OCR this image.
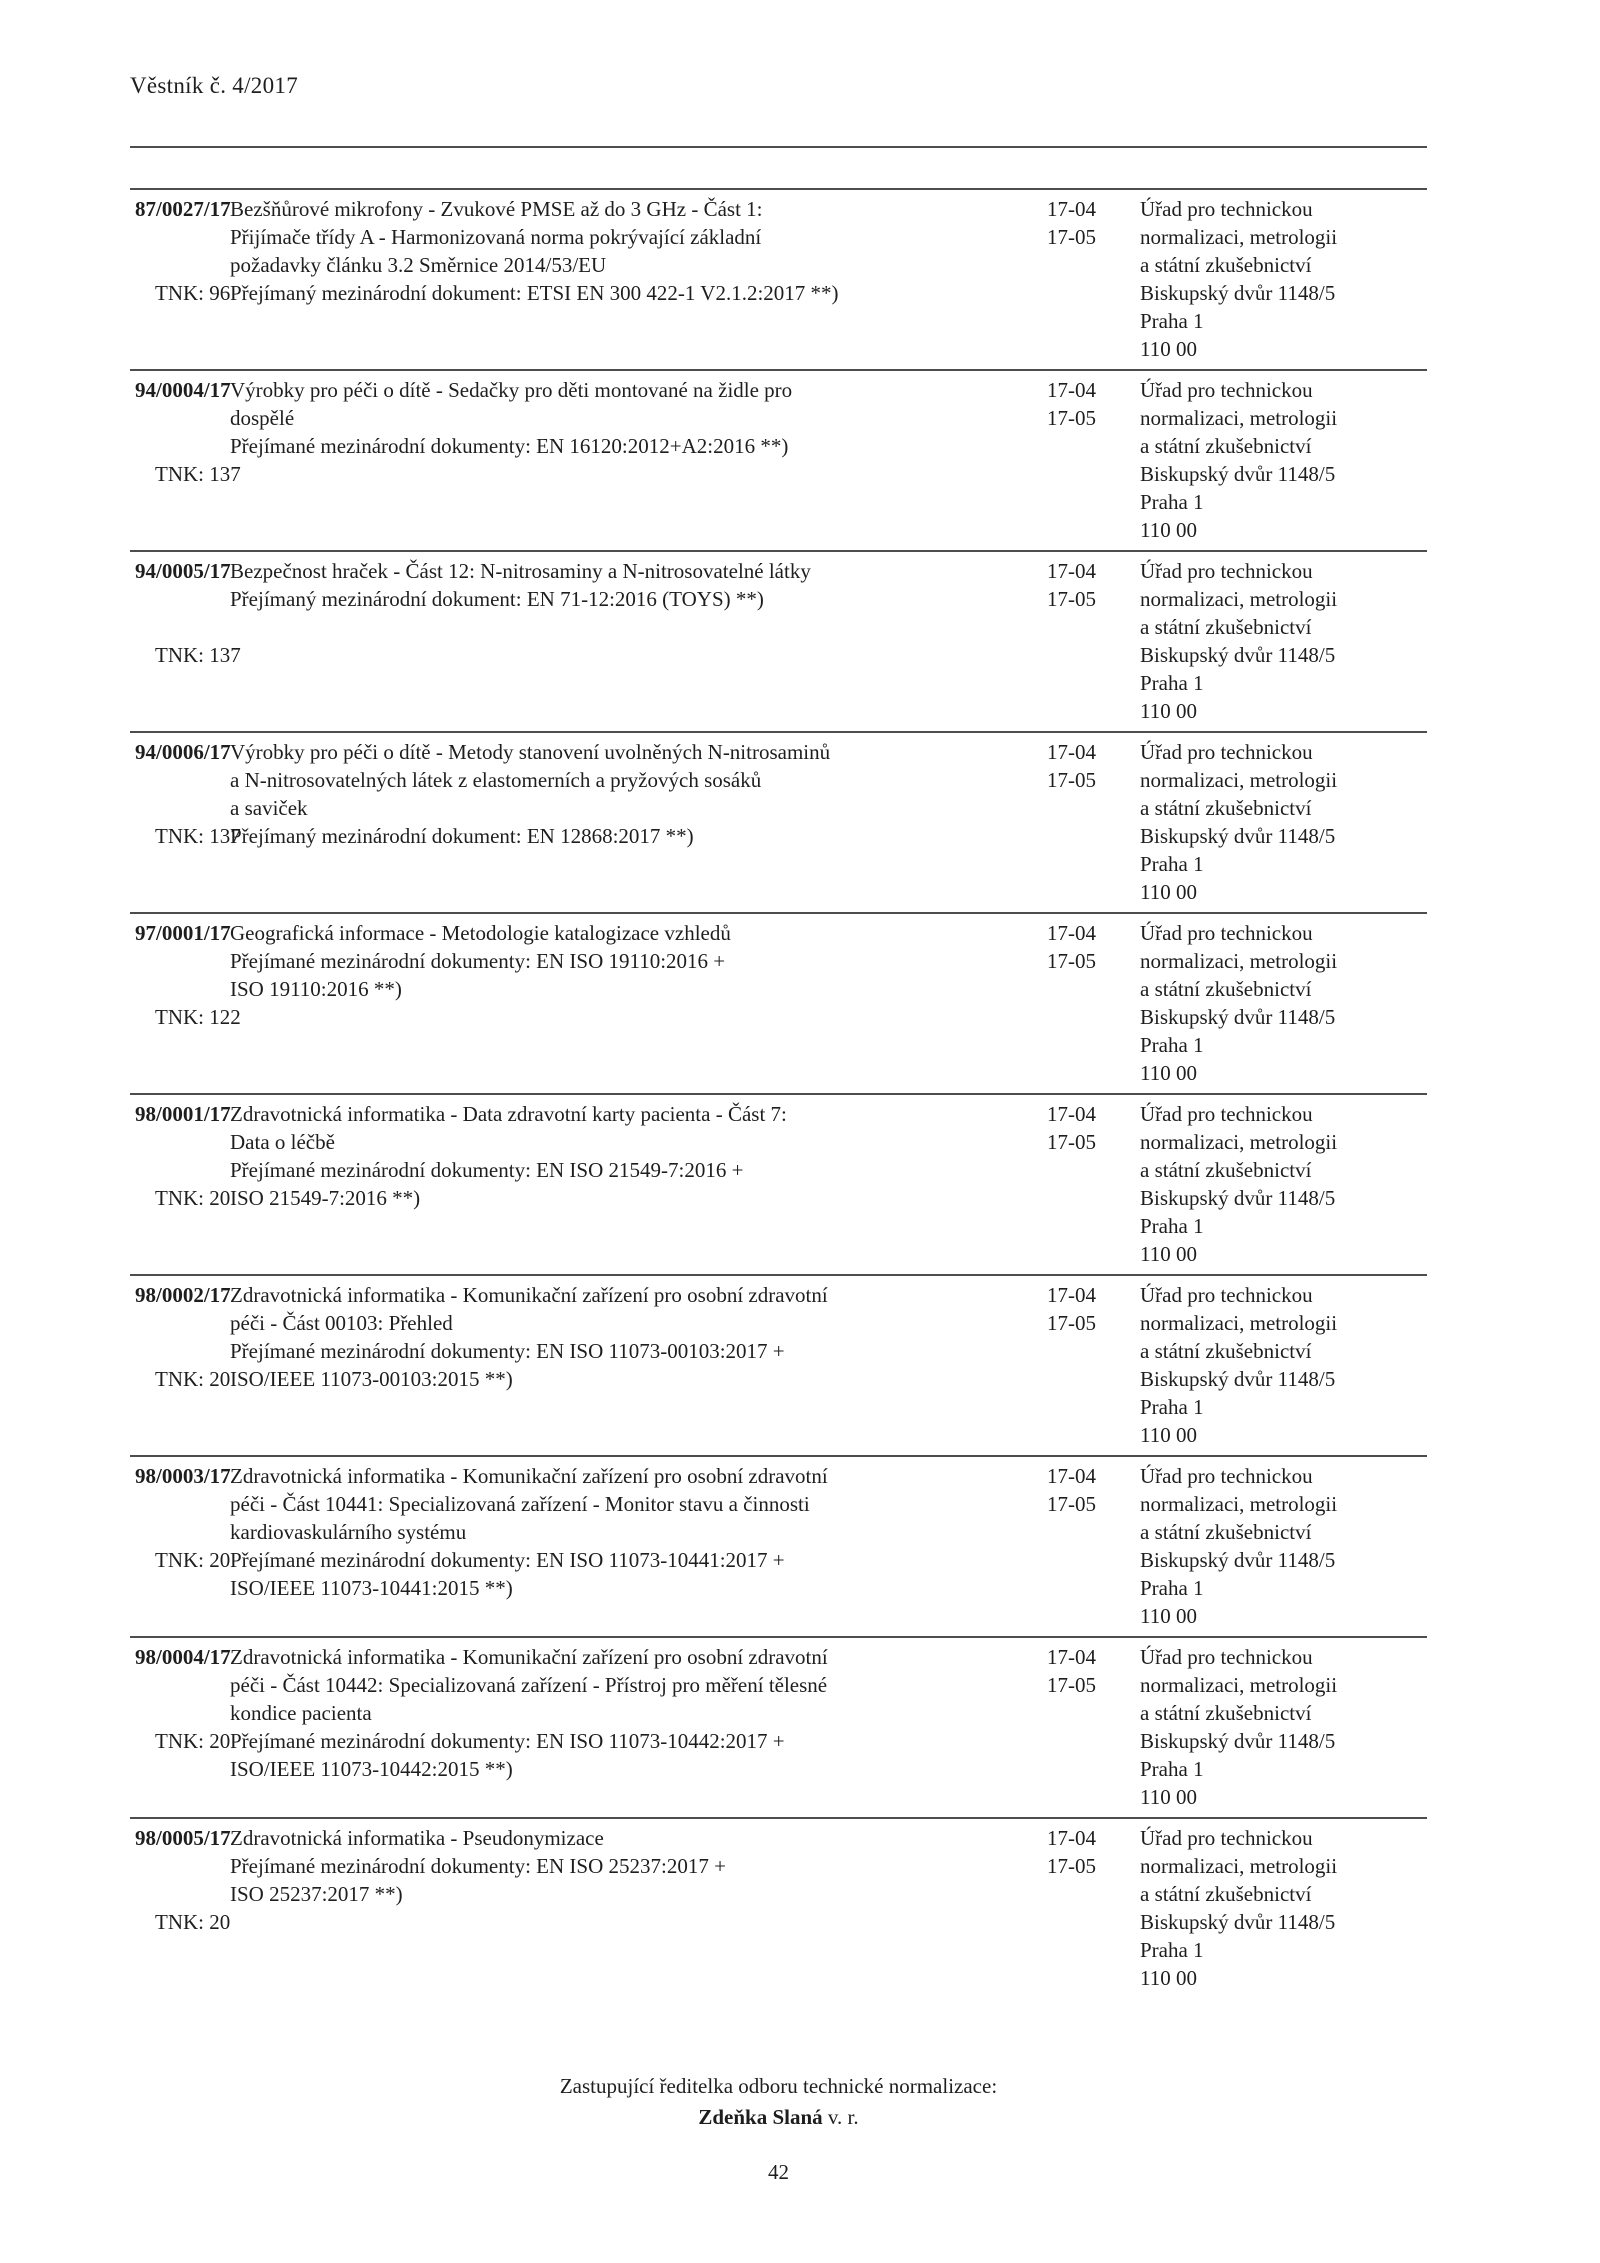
Věstník č. 4/2017
87/0027/17
TNK: 96
Bezšňůrové mikrofony - Zvukové PMSE až do 3 GHz - Část 1:
Přijímače třídy A - Harmonizovaná norma pokrývající základní
požadavky článku 3.2 Směrnice 2014/53/EU
Přejímaný mezinárodní dokument: ETSI EN 300 422-1 V2.1.2:2017 **)
17-04
17-05
Úřad pro technickou
normalizaci, metrologii
a státní zkušebnictví
Biskupský dvůr 1148/5
Praha 1
110 00
94/0004/17
TNK: 137
Výrobky pro péči o dítě - Sedačky pro děti montované na židle pro
dospělé
Přejímané mezinárodní dokumenty: EN 16120:2012+A2:2016 **)
17-04
17-05
Úřad pro technickou
normalizaci, metrologii
a státní zkušebnictví
Biskupský dvůr 1148/5
Praha 1
110 00
94/0005/17
TNK: 137
Bezpečnost hraček - Část 12: N-nitrosaminy a N-nitrosovatelné látky
Přejímaný mezinárodní dokument: EN 71-12:2016 (TOYS) **)
17-04
17-05
Úřad pro technickou
normalizaci, metrologii
a státní zkušebnictví
Biskupský dvůr 1148/5
Praha 1
110 00
94/0006/17
TNK: 137
Výrobky pro péči o dítě - Metody stanovení uvolněných N-nitrosaminů
a N-nitrosovatelných látek z elastomerních a pryžových sosáků
a saviček
Přejímaný mezinárodní dokument: EN 12868:2017 **)
17-04
17-05
Úřad pro technickou
normalizaci, metrologii
a státní zkušebnictví
Biskupský dvůr 1148/5
Praha 1
110 00
97/0001/17
TNK: 122
Geografická informace - Metodologie katalogizace vzhledů
Přejímané mezinárodní dokumenty: EN ISO 19110:2016 +
ISO 19110:2016 **)
17-04
17-05
Úřad pro technickou
normalizaci, metrologii
a státní zkušebnictví
Biskupský dvůr 1148/5
Praha 1
110 00
98/0001/17
TNK: 20
Zdravotnická informatika - Data zdravotní karty pacienta - Část 7:
Data o léčbě
Přejímané mezinárodní dokumenty: EN ISO 21549-7:2016 +
ISO 21549-7:2016 **)
17-04
17-05
Úřad pro technickou
normalizaci, metrologii
a státní zkušebnictví
Biskupský dvůr 1148/5
Praha 1
110 00
98/0002/17
TNK: 20
Zdravotnická informatika - Komunikační zařízení pro osobní zdravotní
péči - Část 00103: Přehled
Přejímané mezinárodní dokumenty: EN ISO 11073-00103:2017 +
ISO/IEEE 11073-00103:2015 **)
17-04
17-05
Úřad pro technickou
normalizaci, metrologii
a státní zkušebnictví
Biskupský dvůr 1148/5
Praha 1
110 00
98/0003/17
TNK: 20
Zdravotnická informatika - Komunikační zařízení pro osobní zdravotní
péči - Část 10441: Specializovaná zařízení - Monitor stavu a činnosti
kardiovaskulárního systému
Přejímané mezinárodní dokumenty: EN ISO 11073-10441:2017 +
ISO/IEEE 11073-10441:2015 **)
17-04
17-05
Úřad pro technickou
normalizaci, metrologii
a státní zkušebnictví
Biskupský dvůr 1148/5
Praha 1
110 00
98/0004/17
TNK: 20
Zdravotnická informatika - Komunikační zařízení pro osobní zdravotní
péči - Část 10442: Specializovaná zařízení - Přístroj pro měření tělesné
kondice pacienta
Přejímané mezinárodní dokumenty: EN ISO 11073-10442:2017 +
ISO/IEEE 11073-10442:2015 **)
17-04
17-05
Úřad pro technickou
normalizaci, metrologii
a státní zkušebnictví
Biskupský dvůr 1148/5
Praha 1
110 00
98/0005/17
TNK: 20
Zdravotnická informatika - Pseudonymizace
Přejímané mezinárodní dokumenty: EN ISO 25237:2017 +
ISO 25237:2017 **)
17-04
17-05
Úřad pro technickou
normalizaci, metrologii
a státní zkušebnictví
Biskupský dvůr 1148/5
Praha 1
110 00
Zastupující ředitelka odboru technické normalizace:
Zdeňka Slaná v. r.
42
